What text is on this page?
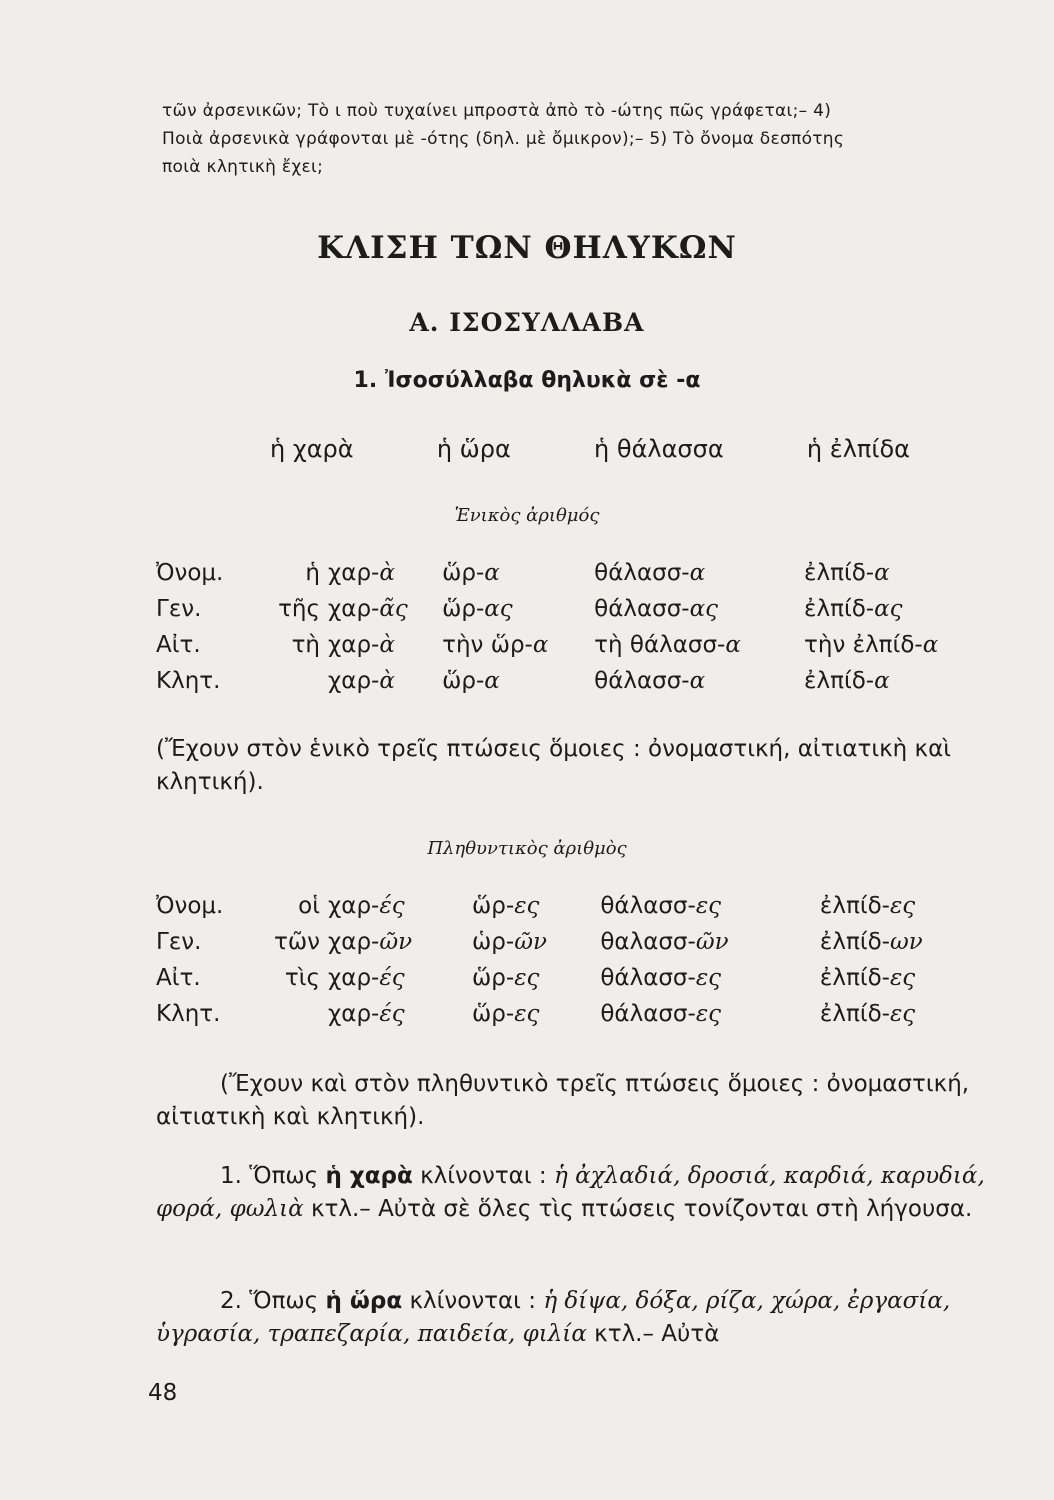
τῶν ἀρσενικῶν; Τὸ ι ποὺ τυχαίνει μπροστὰ ἀπὸ τὸ -ώτης πῶς γράφεται;– 4)

Ποιὰ ἀρσενικὰ γράφονται μὲ -ότης (δηλ. μὲ ὄμικρον);– 5) Τὸ ὄνομα δεσπότης

ποιὰ κλητικὴ ἔχει;

ΚΛΙΣΗ ΤΩΝ ΘΗΛΥΚΩΝ
Α. ΙΣΟΣΥΛΛΑΒΑ
1. Ἰσοσύλλαβα θηλυκὰ σὲ -α
ἡ χαρὰ	ἡ ὥρα	ἡ θάλασσα	ἡ ἐλπίδα

Ἑνικὸς ἀριθμός

Ὀνομ.	ἡ	χαρ-ὰ	ὥρ-α	θάλασσ-α	ἐλπίδ-α
Γεν.	τῆς	χαρ-ᾶς	ὥρ-ας	θάλασσ-ας	ἐλπίδ-ας
Αἰτ.	τὴ	χαρ-ὰ	τὴν ὥρ-α	τὴ θάλασσ-α	τὴν ἐλπίδ-α
Κλητ.		χαρ-ὰ	ὥρ-α	θάλασσ-α	ἐλπίδ-α

(Ἔχουν στὸν ἑνικὸ τρεῖς πτώσεις ὅμοιες : ὀνομαστική, αἰτιατικὴ καὶ κλητική).

Πληθυντικὸς ἀριθμὸς

Ὀνομ.	οἱ	χαρ-ές	ὥρ-ες	θάλασσ-ες	ἐλπίδ-ες
Γεν.	τῶν	χαρ-ῶν	ὡρ-ῶν	θαλασσ-ῶν	ἐλπίδ-ων
Αἰτ.	τὶς	χαρ-ές	ὥρ-ες	θάλασσ-ες	ἐλπίδ-ες
Κλητ.		χαρ-ές	ὥρ-ες	θάλασσ-ες	ἐλπίδ-ες

(Ἔχουν καὶ στὸν πληθυντικὸ τρεῖς πτώσεις ὅμοιες : ὀνομαστική, αἰτιατικὴ καὶ κλητική).

1. Ὅπως ἡ χαρὰ κλίνονται : ἡ ἀχλαδιά, δροσιά, καρδιά, καρυδιά, φορά, φωλιὰ κτλ.– Αὐτὰ σὲ ὅλες τὶς πτώσεις τονίζονται στὴ λήγουσα.

2. Ὅπως ἡ ὥρα κλίνονται : ἡ δίψα, δόξα, ρίζα, χώρα, ἐργασία, ὑγρασία, τραπεζαρία, παιδεία, φιλία κτλ.– Αὐτὰ

48
